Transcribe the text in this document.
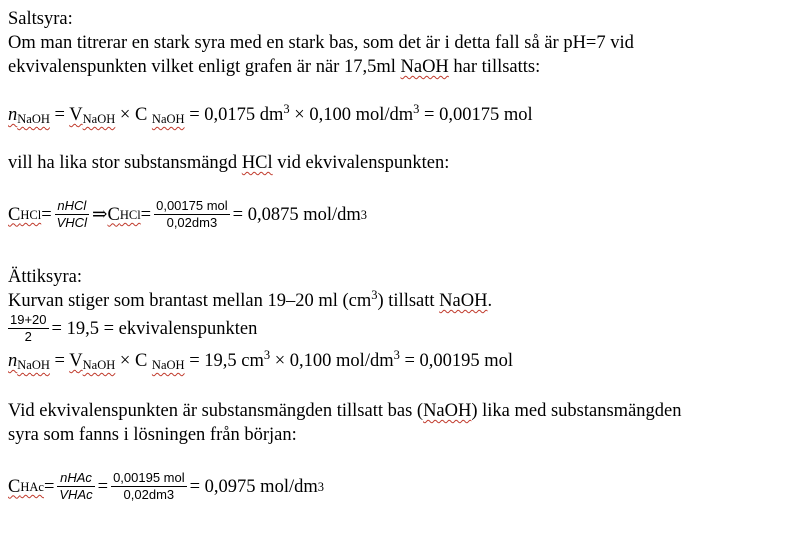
Saltsyra:
Om man titrerar en stark syra med en stark bas, som det är i detta fall så är pH=7 vid
ekvivalenspunkten vilket enligt grafen är när 17,5ml NaOH har tillsatts:
$n_{NaOH} = V_{NaOH} \times C$ $_{NaOH}$ = 0,0175 $dm^3 \times 0,100$ mol/$dm^3 = 0,00175$ mol
vill ha lika stor substansmängd HCl vid ekvivalenspunkten:
C HCl = $\frac{\text{nHCl}}{\text{VHCl}}$ ⇒ C HCl = $\frac{\text{0,00175 mol}}{0,02dm3} = 0,0875$ mol/dm 3
Ättiksyra:
Kurvan stiger som brantast mellan 19–20 ml $(cm^3)$ tillsatt NaOH.
$\frac{19+20}{2} = 19,5$ = ekvivalenspunkten
$n_{NaOH} = V_{NaOH} \times C$ $_{NaOH}$ = 19,5 $cm^3 \times 0,100$ mol/$dm^3 = 0,00195$ mol
Vid ekvivalenspunkten är substansmängden tillsatt bas (NaOH) lika med substansmängden
syra som fanns i lösningen från början:
C HAc = $\frac{\text{nHAc}}{\text{VHAc}} = \frac{\text{0,00195 mol}}{0,02dm3} = 0,0975$ mol/dm 3
